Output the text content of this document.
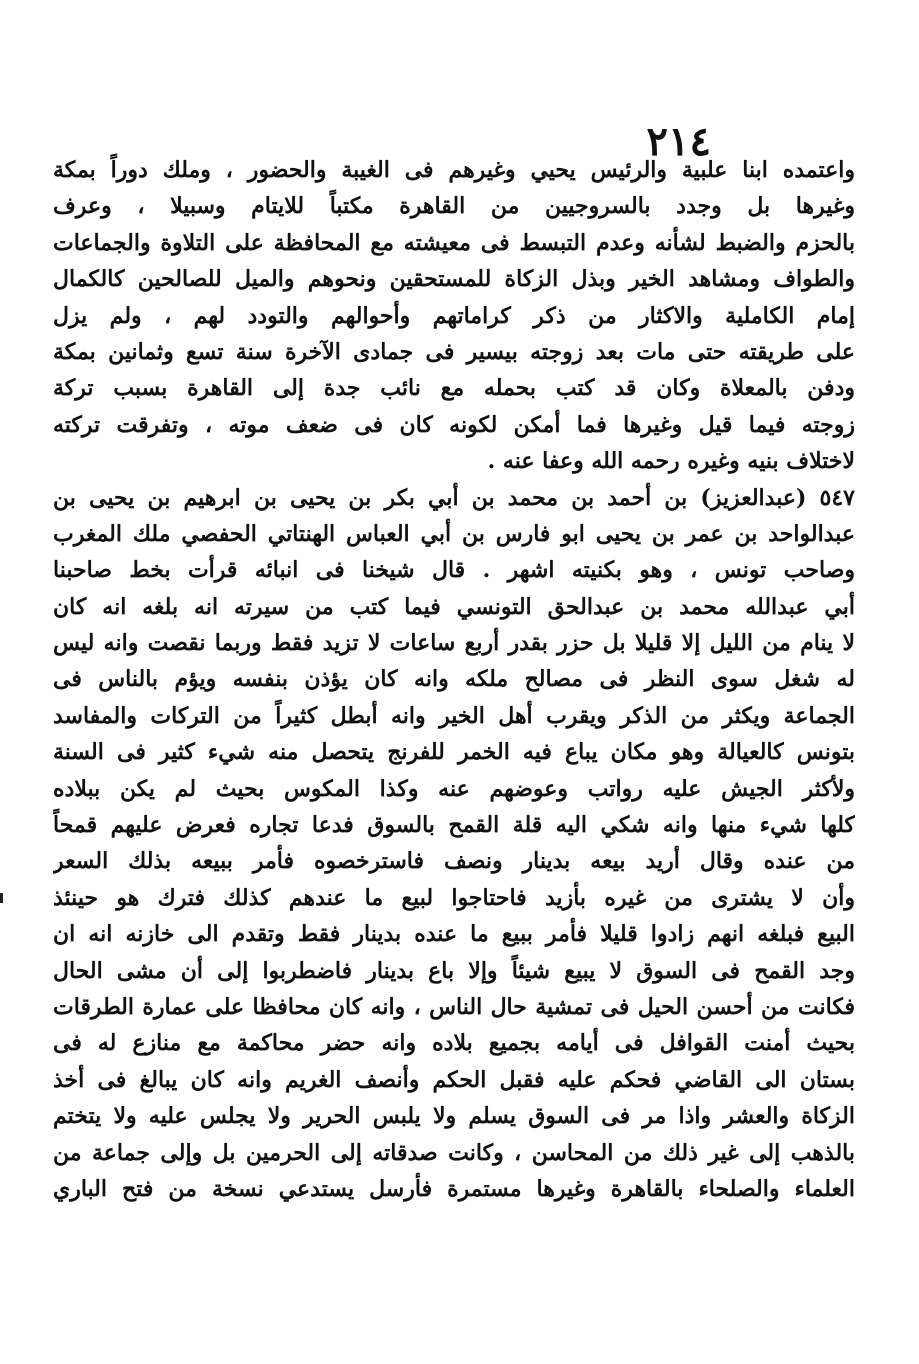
٢١٤
واعتمده ابنا علبية والرئيس يحيي وغيرهم فى الغيبة والحضور ، وملك دوراً بمكة
وغيرها بل وجدد بالسروجيين من القاهرة مكتباً للايتام وسبيلا ، وعرف
بالحزم والضبط لشأنه وعدم التبسط فى معيشته مع المحافظة على التلاوة والجماعات
والطواف ومشاهد الخير وبذل الزكاة للمستحقين ونحوهم والميل للصالحين كالكمال
إمام الكاملية والاكثار من ذكر كراماتهم وأحوالهم والتودد لهم ، ولم يزل
على طريقته حتى مات بعد زوجته بيسير فى جمادى الآخرة سنة تسع وثمانين بمكة
ودفن بالمعلاة وكان قد كتب بحمله مع نائب جدة إلى القاهرة بسبب تركة
زوجته فيما قيل وغيرها فما أمكن لكونه كان فى ضعف موته ، وتفرقت تركته
لاختلاف بنيه وغيره رحمه الله وعفا عنه .
٥٤٧ (عبدالعزيز) بن أحمد بن محمد بن أبي بكر بن يحيى بن ابرهيم بن يحيى بن
عبدالواحد بن عمر بن يحيى ابو فارس بن أبي العباس الهنتاتي الحفصي ملك المغرب
وصاحب تونس ، وهو بكنيته اشهر . قال شيخنا فى انبائه قرأت بخط صاحبنا
أبي عبدالله محمد بن عبدالحق التونسي فيما كتب من سيرته انه بلغه انه كان
لا ينام من الليل إلا قليلا بل حزر بقدر أربع ساعات لا تزيد فقط وربما نقصت وانه ليس
له شغل سوى النظر فى مصالح ملكه وانه كان يؤذن بنفسه ويؤم بالناس فى
الجماعة ويكثر من الذكر ويقرب أهل الخير وانه أبطل كثيراً من التركات والمفاسد
بتونس كالعيالة وهو مكان يباع فيه الخمر للفرنج يتحصل منه شيء كثير فى السنة
ولأكثر الجيش عليه رواتب وعوضهم عنه وكذا المكوس بحيث لم يكن ببلاده
كلها شيء منها وانه شكي اليه قلة القمح بالسوق فدعا تجاره فعرض عليهم قمحاً
من عنده وقال أريد بيعه بدينار ونصف فاسترخصوه فأمر ببيعه بذلك السعر
وأن لا يشترى من غيره بأزيد فاحتاجوا لبيع ما عندهم كذلك فترك هو حينئذ
البيع فبلغه انهم زادوا قليلا فأمر ببيع ما عنده بدينار فقط وتقدم الى خازنه انه ان
وجد القمح فى السوق لا يبيع شيئاً وإلا باع بدينار فاضطربوا إلى أن مشى الحال
فكانت من أحسن الحيل فى تمشية حال الناس ، وانه كان محافظا على عمارة الطرقات
بحيث أمنت القوافل فى أيامه بجميع بلاده وانه حضر محاكمة مع منازع له فى
بستان الى القاضي فحكم عليه فقبل الحكم وأنصف الغريم وانه كان يبالغ فى أخذ
الزكاة والعشر واذا مر فى السوق يسلم ولا يلبس الحرير ولا يجلس عليه ولا يتختم
بالذهب إلى غير ذلك من المحاسن ، وكانت صدقاته إلى الحرمين بل وإلى جماعة من
العلماء والصلحاء بالقاهرة وغيرها مستمرة فأرسل يستدعي نسخة من فتح الباري
